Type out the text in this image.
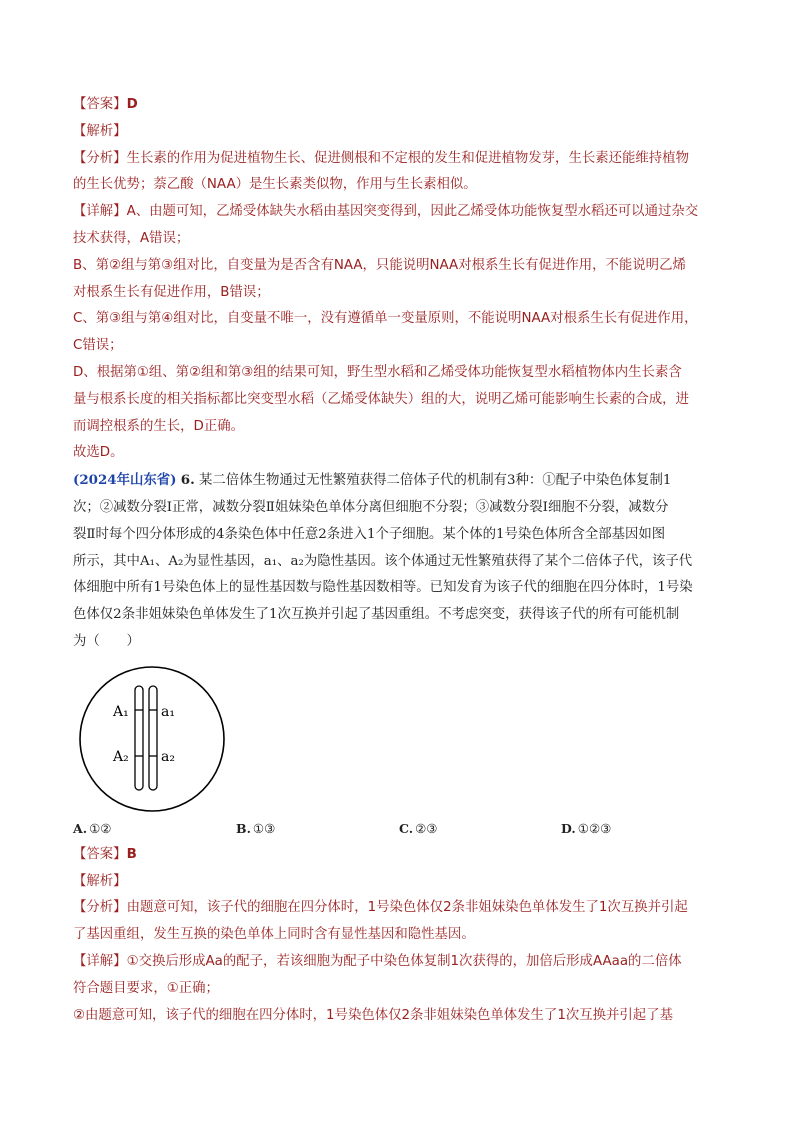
【答案】D

【解析】

【分析】生长素的作用为促进植物生长、促进侧根和不定根的发生和促进植物发芽，生长素还能维持植物

的生长优势；萘乙酸（NAA）是生长素类似物，作用与生长素相似。

【详解】A、由题可知，乙烯受体缺失水稻由基因突变得到，因此乙烯受体功能恢复型水稻还可以通过杂交

技术获得，A错误；

B、第②组与第③组对比，自变量为是否含有NAA，只能说明NAA对根系生长有促进作用，不能说明乙烯

对根系生长有促进作用，B错误；

C、第③组与第④组对比，自变量不唯一，没有遵循单一变量原则，不能说明NAA对根系生长有促进作用，

C错误；

D、根据第①组、第②组和第③组的结果可知，野生型水稻和乙烯受体功能恢复型水稻植物体内生长素含

量与根系长度的相关指标都比突变型水稻（乙烯受体缺失）组的大，说明乙烯可能影响生长素的合成，进

而调控根系的生长，D正确。

故选D。

(2024年山东省) 6. 某二倍体生物通过无性繁殖获得二倍体子代的机制有3种：①配子中染色体复制1

次；②减数分裂Ⅰ正常，减数分裂Ⅱ姐妹染色单体分离但细胞不分裂；③减数分裂Ⅰ细胞不分裂，减数分

裂Ⅱ时每个四分体形成的4条染色体中任意2条进入1个子细胞。某个体的1号染色体所含全部基因如图

所示，其中A₁、A₂为显性基因，a₁、a₂为隐性基因。该个体通过无性繁殖获得了某个二倍体子代，该子代

体细胞中所有1号染色体上的显性基因数与隐性基因数相等。已知发育为该子代的细胞在四分体时，1号染

色体仅2条非姐妹染色单体发生了1次互换并引起了基因重组。不考虑突变，获得该子代的所有可能机制

为（　　）

A₁ a₁
A₂ a₂
A. ①②	B. ①③	C. ②③	D. ①②③

【答案】B

【解析】

【分析】由题意可知，该子代的细胞在四分体时，1号染色体仅2条非姐妹染色单体发生了1次互换并引起

了基因重组，发生互换的染色单体上同时含有显性基因和隐性基因。

【详解】①交换后形成Aa的配子，若该细胞为配子中染色体复制1次获得的，加倍后形成AAaa的二倍体

符合题目要求，①正确；

②由题意可知，该子代的细胞在四分体时，1号染色体仅2条非姐妹染色单体发生了1次互换并引起了基
